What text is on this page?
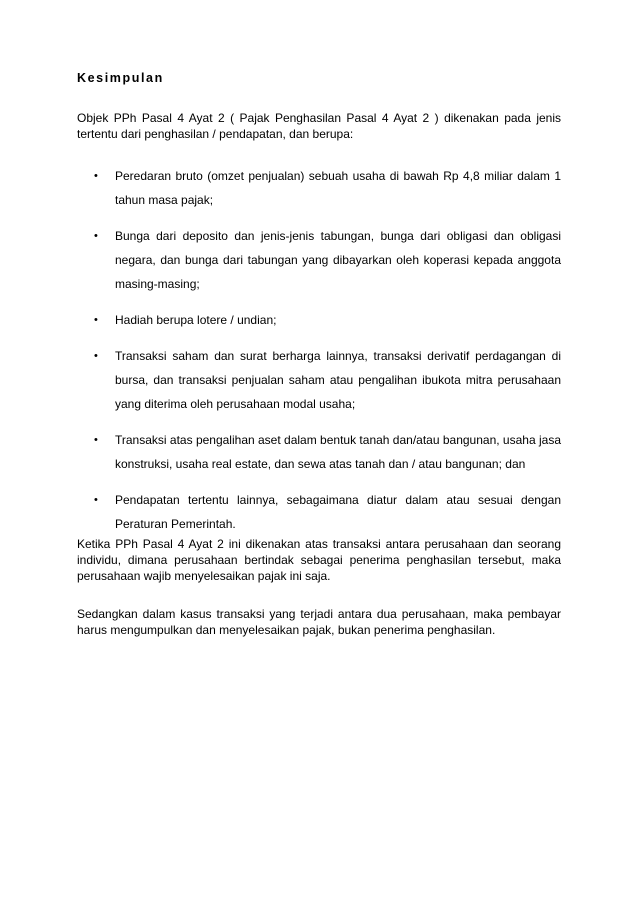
Kesimpulan

Objek PPh Pasal 4 Ayat 2 ( Pajak Penghasilan Pasal 4 Ayat 2 ) dikenakan pada jenis tertentu dari penghasilan / pendapatan, dan berupa:

• Peredaran bruto (omzet penjualan) sebuah usaha di bawah Rp 4,8 miliar dalam 1 tahun masa pajak;
• Bunga dari deposito dan jenis-jenis tabungan, bunga dari obligasi dan obligasi negara, dan bunga dari tabungan yang dibayarkan oleh koperasi kepada anggota masing-masing;
• Hadiah berupa lotere / undian;
• Transaksi saham dan surat berharga lainnya, transaksi derivatif perdagangan di bursa, dan transaksi penjualan saham atau pengalihan ibukota mitra perusahaan yang diterima oleh perusahaan modal usaha;
• Transaksi atas pengalihan aset dalam bentuk tanah dan/atau bangunan, usaha jasa konstruksi, usaha real estate, dan sewa atas tanah dan / atau bangunan; dan
• Pendapatan tertentu lainnya, sebagaimana diatur dalam atau sesuai dengan Peraturan Pemerintah.

Ketika PPh Pasal 4 Ayat 2 ini dikenakan atas transaksi antara perusahaan dan seorang individu, dimana perusahaan bertindak sebagai penerima penghasilan tersebut, maka perusahaan wajib menyelesaikan pajak ini saja.

Sedangkan dalam kasus transaksi yang terjadi antara dua perusahaan, maka pembayar harus mengumpulkan dan menyelesaikan pajak, bukan penerima penghasilan.
